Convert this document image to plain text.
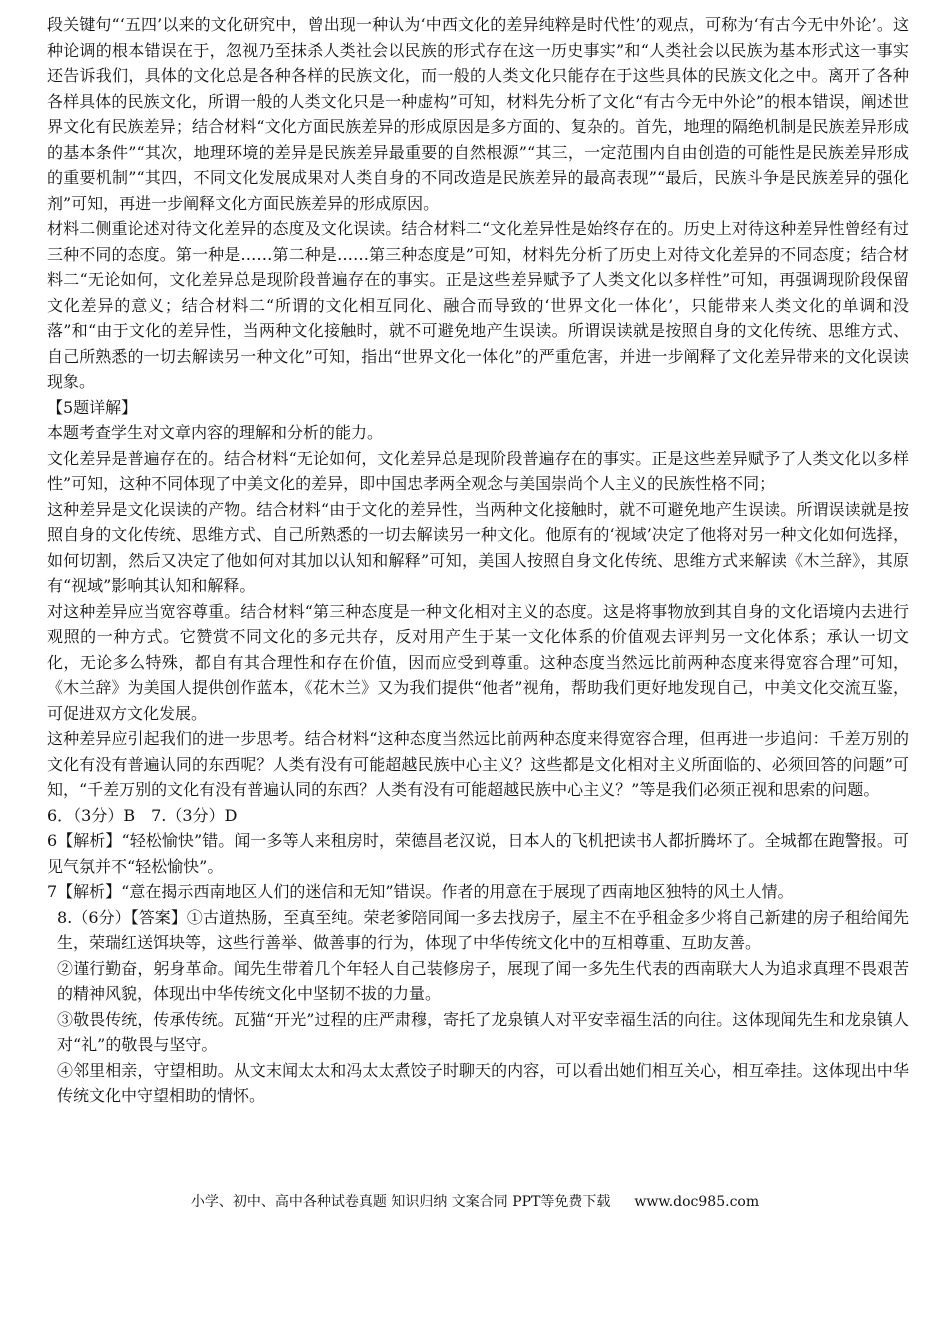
段关键句“‘五四’以来的文化研究中，曾出现一种认为‘中西文化的差异纯粹是时代性’的观点，可称为‘有古今无中外论’。这种论调的根本错误在于，忽视乃至抹杀人类社会以民族的形式存在这一历史事实”和“人类社会以民族为基本形式这一事实还告诉我们，具体的文化总是各种各样的民族文化，而一般的人类文化只能存在于这些具体的民族文化之中。离开了各种各样具体的民族文化，所谓一般的人类文化只是一种虚构”可知，材料先分析了文化“有古今无中外论”的根本错误，阐述世界文化有民族差异；结合材料“文化方面民族差异的形成原因是多方面的、复杂的。首先，地理的隔绝机制是民族差异形成的基本条件”“其次，地理环境的差异是民族差异最重要的自然根源”“其三，一定范围内自由创造的可能性是民族差异形成的重要机制”“其四，不同文化发展成果对人类自身的不同改造是民族差异的最高表现”“最后，民族斗争是民族差异的强化剂”可知，再进一步阐释文化方面民族差异的形成原因。

材料二侧重论述对待文化差异的态度及文化误读。结合材料二“文化差异性是始终存在的。历史上对待这种差异性曾经有过三种不同的态度。第一种是……第二种是……第三种态度是”可知，材料先分析了历史上对待文化差异的不同态度；结合材料二“无论如何，文化差异总是现阶段普遍存在的事实。正是这些差异赋予了人类文化以多样性”可知，再强调现阶段保留文化差异的意义；结合材料二“所谓的文化相互同化、融合而导致的‘世界文化一体化’，只能带来人类文化的单调和没落”和“由于文化的差异性，当两种文化接触时，就不可避免地产生误读。所谓误读就是按照自身的文化传统、思维方式、自己所熟悉的一切去解读另一种文化”可知，指出“世界文化一体化”的严重危害，并进一步阐释了文化差异带来的文化误读现象。

【5题详解】

本题考查学生对文章内容的理解和分析的能力。

文化差异是普遍存在的。结合材料“无论如何，文化差异总是现阶段普遍存在的事实。正是这些差异赋予了人类文化以多样性”可知，这种不同体现了中美文化的差异，即中国忠孝两全观念与美国崇尚个人主义的民族性格不同；

这种差异是文化误读的产物。结合材料“由于文化的差异性，当两种文化接触时，就不可避免地产生误读。所谓误读就是按照自身的文化传统、思维方式、自己所熟悉的一切去解读另一种文化。他原有的‘视域’决定了他将对另一种文化如何选择，如何切割，然后又决定了他如何对其加以认知和解释”可知，美国人按照自身文化传统、思维方式来解读《木兰辞》，其原有“视域”影响其认知和解释。

对这种差异应当宽容尊重。结合材料“第三种态度是一种文化相对主义的态度。这是将事物放到其自身的文化语境内去进行观照的一种方式。它赞赏不同文化的多元共存，反对用产生于某一文化体系的价值观去评判另一文化体系；承认一切文化，无论多么特殊，都自有其合理性和存在价值，因而应受到尊重。这种态度当然远比前两种态度来得宽容合理”可知，《木兰辞》为美国人提供创作蓝本，《花木兰》又为我们提供“他者”视角，帮助我们更好地发现自己，中美文化交流互鉴，可促进双方文化发展。

这种差异应引起我们的进一步思考。结合材料“这种态度当然远比前两种态度来得宽容合理，但再进一步追问：千差万别的文化有没有普遍认同的东西呢？人类有没有可能超越民族中心主义？这些都是文化相对主义所面临的、必须回答的问题”可知，“千差万别的文化有没有普遍认同的东西？人类有没有可能超越民族中心主义？”等是我们必须正视和思索的问题。

6．（3分）B　7.（3分）D

6【解析】“轻松愉快”错。闻一多等人来租房时，荣德昌老汉说，日本人的飞机把读书人都折腾坏了。全城都在跑警报。可见气氛并不“轻松愉快”。

7【解析】“意在揭示西南地区人们的迷信和无知”错误。作者的用意在于展现了西南地区独特的风土人情。

8.（6分）【答案】①古道热肠，至真至纯。荣老爹陪同闻一多去找房子，屋主不在乎租金多少将自己新建的房子租给闻先生，荣瑞红送饵块等，这些行善举、做善事的行为，体现了中华传统文化中的互相尊重、互助友善。

②谨行勤奋，躬身革命。闻先生带着几个年轻人自己装修房子，展现了闻一多先生代表的西南联大人为追求真理不畏艰苦的精神风貌，体现出中华传统文化中坚韧不拔的力量。

③敬畏传统，传承传统。瓦猫“开光”过程的庄严肃穆，寄托了龙泉镇人对平安幸福生活的向往。这体现闻先生和龙泉镇人对“礼”的敬畏与坚守。

④邻里相亲，守望相助。从文末闻太太和冯太太煮饺子时聊天的内容，可以看出她们相互关心，相互牵挂。这体现出中华传统文化中守望相助的情怀。

小学、初中、高中各种试卷真题 知识归纳 文案合同 PPT等免费下载 www.doc985.com
